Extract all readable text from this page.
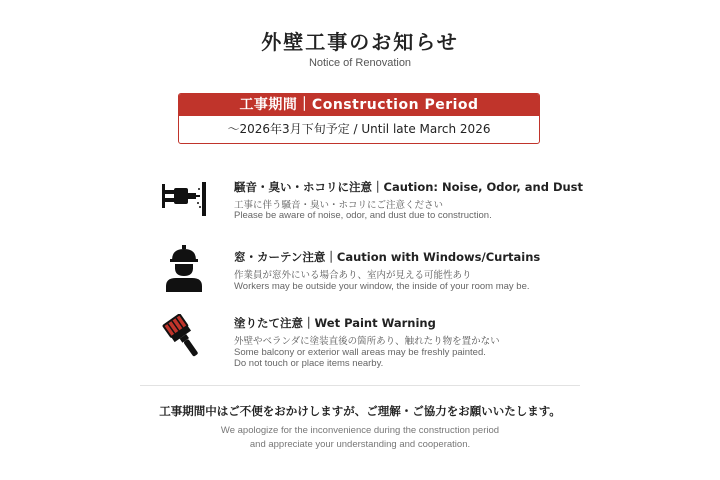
外壁工事のお知らせ
Notice of Renovation
工事期間｜Construction Period
〜2026年3月下旬予定 / Until late March 2026
騒音・臭い・ホコリに注意｜Caution: Noise, Odor, and Dust
工事に伴う騒音・臭い・ホコリにご注意ください
Please be aware of noise, odor, and dust due to construction.
窓・カーテン注意｜Caution with Windows/Curtains
作業員が窓外にいる場合あり、室内が見える可能性あり
Workers may be outside your window, the inside of your room may be.
塗りたて注意｜Wet Paint Warning
外壁やベランダに塗装直後の箇所あり、触れたり物を置かない
Some balcony or exterior wall areas may be freshly painted.
Do not touch or place items nearby.
工事期間中はご不便をおかけしますが、ご理解・ご協力をお願いいたします。
We apologize for the inconvenience during the construction period
and appreciate your understanding and cooperation.
